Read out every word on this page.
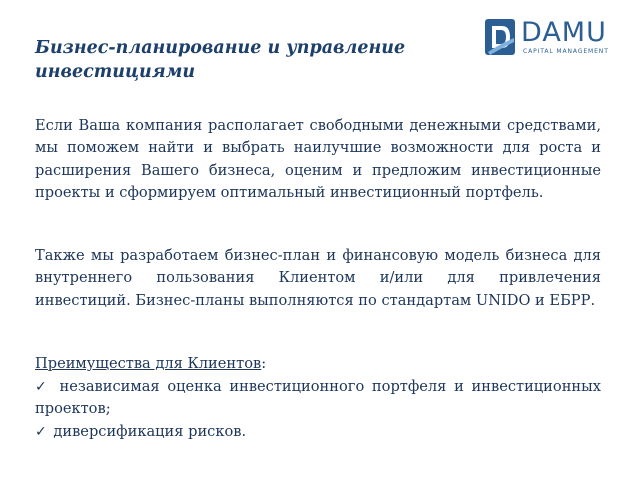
DAMU
CAPITAL MANAGEMENT
Бизнес-планирование и управление инвестициями
Если Ваша компания располагает свободными денежными средствами, мы поможем найти и выбрать наилучшие возможности для роста и расширения Вашего бизнеса, оценим и предложим инвестиционные проекты и сформируем оптимальный инвестиционный портфель.
Также мы разработаем бизнес-план и финансовую модель бизнеса для внутреннего пользования Клиентом и/или для привлечения инвестиций. Бизнес-планы выполняются по стандартам UNIDO и ЕБРР.
Преимущества для Клиентов:
✓ независимая оценка инвестиционного портфеля и инвестиционных проектов;
✓ диверсификация рисков.
